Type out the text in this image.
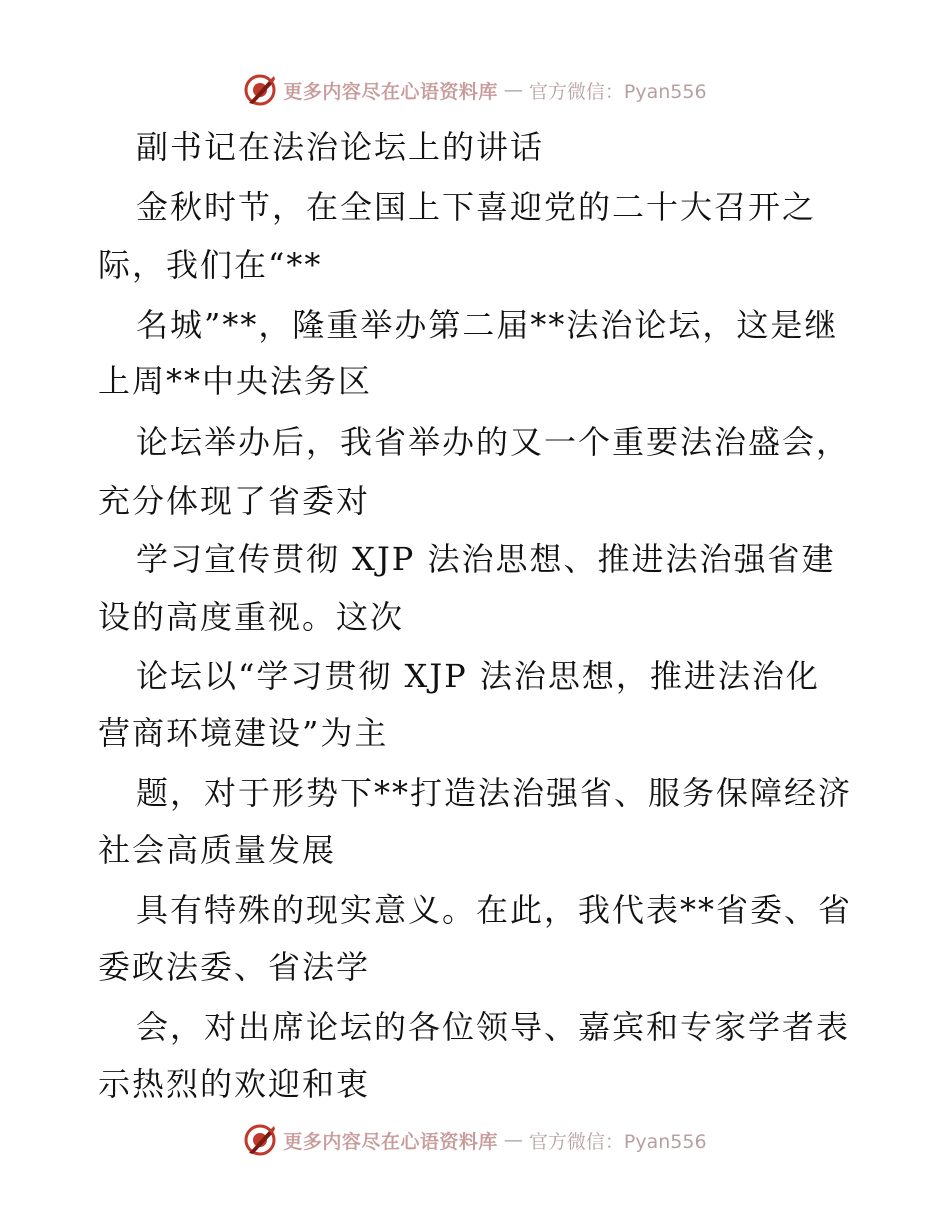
更多内容尽在心语资料库 — 官方微信：Pyan556
副书记在法治论坛上的讲话
金秋时节，在全国上下喜迎党的二十大召开之
际，我们在“**
名城”**，隆重举办第二届**法治论坛，这是继
上周**中央法务区
论坛举办后，我省举办的又一个重要法治盛会，
充分体现了省委对
学习宣传贯彻 XJP 法治思想、推进法治强省建
设的高度重视。这次
论坛以“学习贯彻 XJP 法治思想，推进法治化
营商环境建设”为主
题，对于形势下**打造法治强省、服务保障经济
社会高质量发展
具有特殊的现实意义。在此，我代表**省委、省
委政法委、省法学
会，对出席论坛的各位领导、嘉宾和专家学者表
示热烈的欢迎和衷
更多内容尽在心语资料库 — 官方微信：Pyan556
